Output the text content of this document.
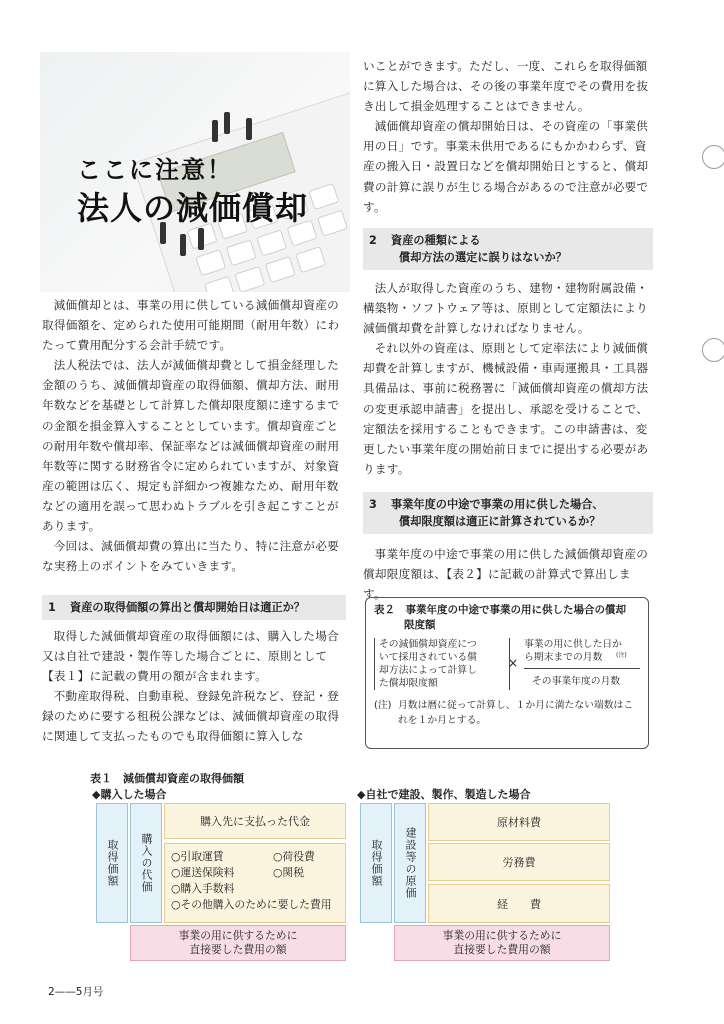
ここに注意！
法人の減価償却

減価償却とは、事業の用に供している減価償却資産の取得価額を、定められた使用可能期間（耐用年数）にわたって費用配分する会計手続です。

法人税法では、法人が減価償却費として損金経理した金額のうち、減価償却資産の取得価額、償却方法、耐用年数などを基礎として計算した償却限度額に達するまでの金額を損金算入することとしています。償却資産ごとの耐用年数や償却率、保証率などは減価償却資産の耐用年数等に関する財務省令に定められていますが、対象資産の範囲は広く、規定も詳細かつ複雑なため、耐用年数などの適用を誤って思わぬトラブルを引き起こすことがあります。

今回は、減価償却費の算出に当たり、特に注意が必要な実務上のポイントをみていきます。

1 資産の取得価額の算出と償却開始日は適正か？

取得した減価償却資産の取得価額には、購入した場合又は自社で建設・製作等した場合ごとに、原則として【表１】に記載の費用の額が含まれます。

不動産取得税、自動車税、登録免許税など、登記・登録のために要する租税公課などは、減価償却資産の取得に関連して支払ったものでも取得価額に算入しな

いことができます。ただし、一度、これらを取得価額に算入した場合は、その後の事業年度でその費用を抜き出して損金処理することはできません。

減価償却資産の償却開始日は、その資産の「事業供用の日」です。事業未供用であるにもかかわらず、資産の搬入日・設置日などを償却開始日とすると、償却費の計算に誤りが生じる場合があるので注意が必要です。

2 資産の種類による
償却方法の選定に誤りはないか？

法人が取得した資産のうち、建物・建物附属設備・構築物・ソフトウェア等は、原則として定額法により減価償却費を計算しなければなりません。

それ以外の資産は、原則として定率法により減価償却費を計算しますが、機械設備・車両運搬具・工具器具備品は、事前に税務署に「減価償却資産の償却方法の変更承認申請書」を提出し、承認を受けることで、定額法を採用することもできます。この申請書は、変更したい事業年度の開始前日までに提出する必要があります。

3 事業年度の中途で事業の用に供した場合、
償却限度額は適正に計算されているか？

事業年度の中途で事業の用に供した減価償却資産の償却限度額は、【表２】に記載の計算式で算出します。

表２　事業年度の中途で事業の用に供した場合の償却
限度額
その減価償却資産につ
いて採用されている償
却方法によって計算し
た償却限度額
×
事業の用に供した日か
ら期末までの月数	(注)
その事業年度の月数
(注) 月数は暦に従って計算し、１か月に満たない端数はこれを１か月とする。
表１　減価償却資産の取得価額
◆購入した場合
取得価額 購入の代価
購入先に支払った代金
○引取運賃	○荷役費
○運送保険料	○関税
○購入手数料
○その他購入のために要した費用
事業の用に供するために
直接要した費用の額
◆自社で建設、製作、製造した場合
取得価額 建設等の原価
原材料費
労務費
経　　費
事業の用に供するために
直接要した費用の額
2——5月号
